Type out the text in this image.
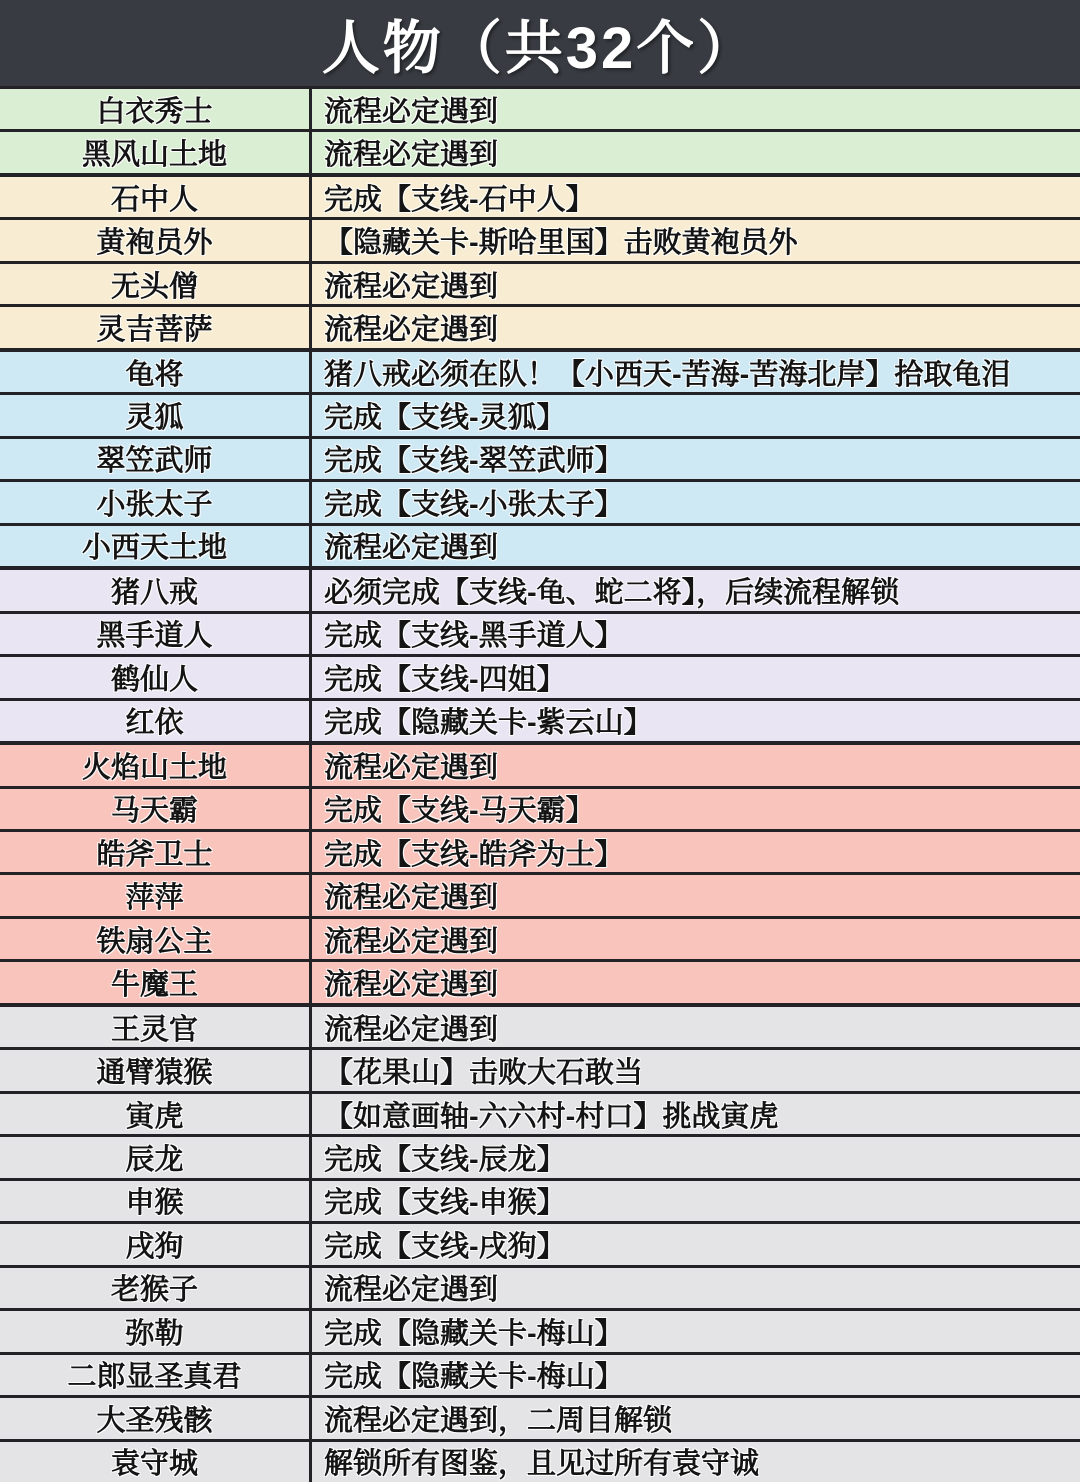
人物（共32个）
白衣秀士	流程必定遇到
黑风山土地	流程必定遇到
石中人	完成【支线-石中人】
黄袍员外	【隐藏关卡-斯哈里国】击败黄袍员外
无头僧	流程必定遇到
灵吉菩萨	流程必定遇到
龟将	猪八戒必须在队！【小西天-苦海-苦海北岸】拾取龟泪
灵狐	完成【支线-灵狐】
翠笠武师	完成【支线-翠笠武师】
小张太子	完成【支线-小张太子】
小西天土地	流程必定遇到
猪八戒	必须完成【支线-龟、蛇二将】，后续流程解锁
黑手道人	完成【支线-黑手道人】
鹤仙人	完成【支线-四姐】
红依	完成【隐藏关卡-紫云山】
火焰山土地	流程必定遇到
马天霸	完成【支线-马天霸】
皓斧卫士	完成【支线-皓斧为士】
萍萍	流程必定遇到
铁扇公主	流程必定遇到
牛魔王	流程必定遇到
王灵官	流程必定遇到
通臂猿猴	【花果山】击败大石敢当
寅虎	【如意画轴-六六村-村口】挑战寅虎
辰龙	完成【支线-辰龙】
申猴	完成【支线-申猴】
戌狗	完成【支线-戌狗】
老猴子	流程必定遇到
弥勒	完成【隐藏关卡-梅山】
二郎显圣真君	完成【隐藏关卡-梅山】
大圣残骸	流程必定遇到，二周目解锁
袁守城	解锁所有图鉴，且见过所有袁守诚
